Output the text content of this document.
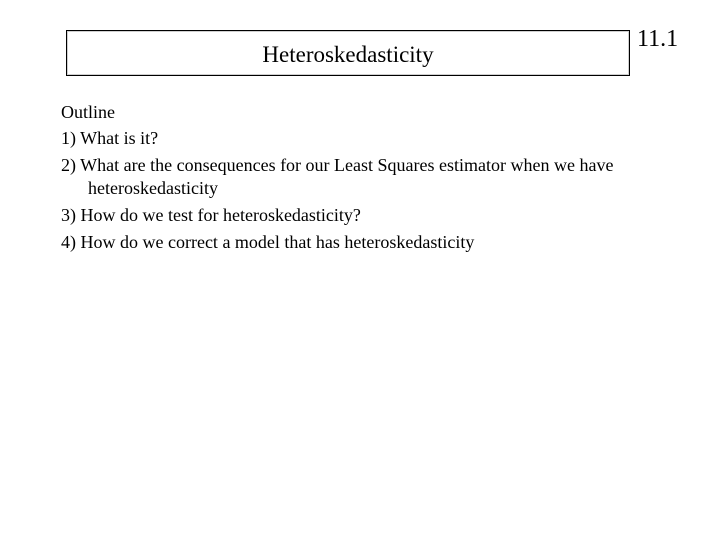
Heteroskedasticity
11.1
Outline
1) What is it?
2) What are the consequences for our Least Squares estimator when we have heteroskedasticity
3) How do we test for heteroskedasticity?
4) How do we correct a model that has heteroskedasticity
